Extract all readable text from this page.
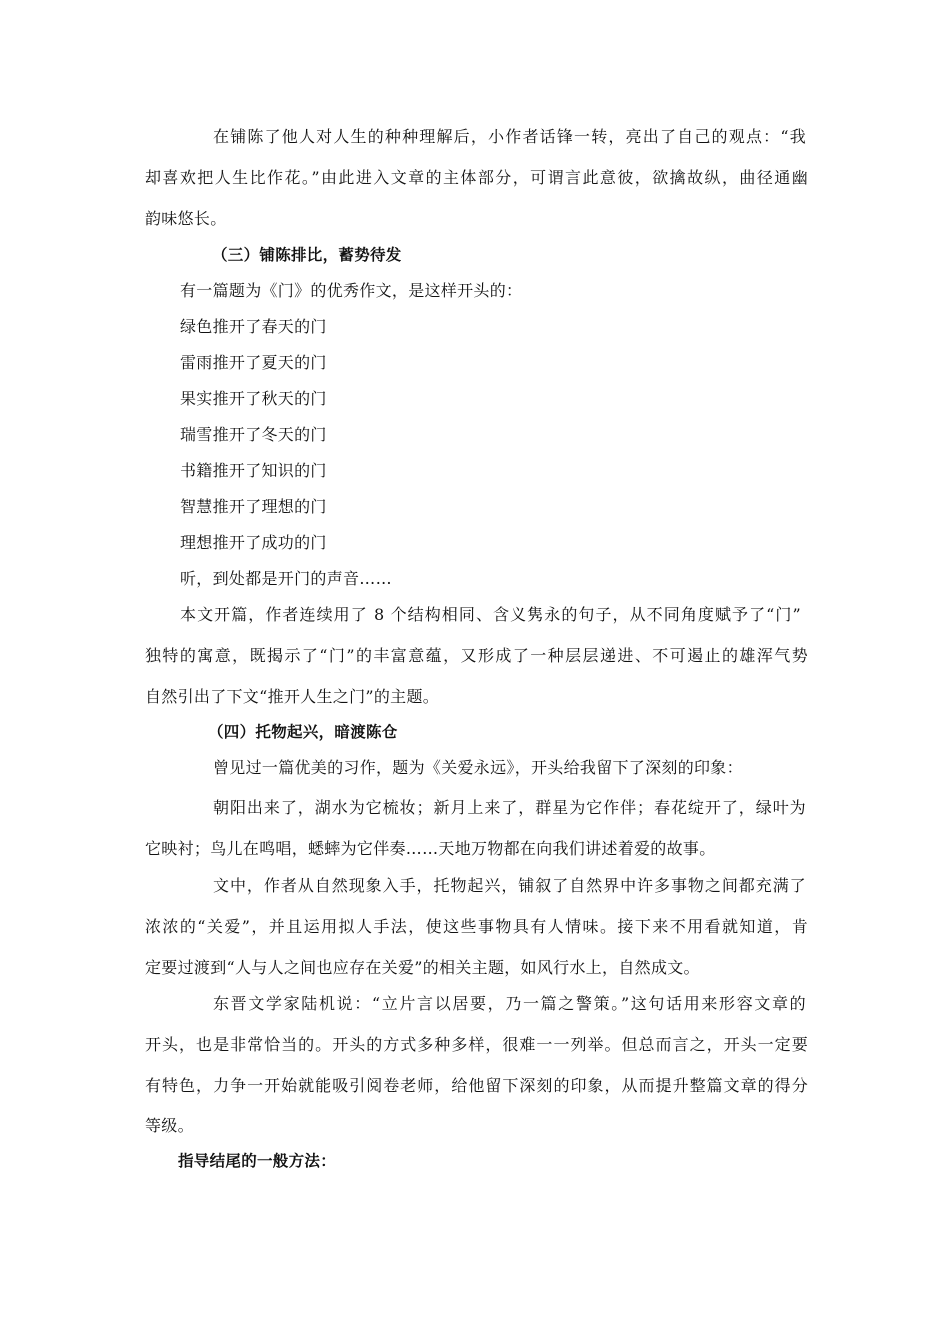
在铺陈了他人对人生的种种理解后，小作者话锋一转，亮出了自己的观点：“我
却喜欢把人生比作花。”由此进入文章的主体部分，可谓言此意彼，欲擒故纵，曲径通幽
韵味悠长。
（三）铺陈排比，蓄势待发
有一篇题为《门》的优秀作文，是这样开头的：
绿色推开了春天的门
雷雨推开了夏天的门
果实推开了秋天的门
瑞雪推开了冬天的门
书籍推开了知识的门
智慧推开了理想的门
理想推开了成功的门
听，到处都是开门的声音……
本文开篇，作者连续用了 8 个结构相同、含义隽永的句子，从不同角度赋予了“门”
独特的寓意，既揭示了“门”的丰富意蕴，又形成了一种层层递进、不可遏止的雄浑气势
自然引出了下文“推开人生之门”的主题。
（四）托物起兴，暗渡陈仓
曾见过一篇优美的习作，题为《关爱永远》，开头给我留下了深刻的印象：
朝阳出来了，湖水为它梳妆；新月上来了，群星为它作伴；春花绽开了，绿叶为
它映衬；鸟儿在鸣唱，蟋蟀为它伴奏……天地万物都在向我们讲述着爱的故事。
文中，作者从自然现象入手，托物起兴，铺叙了自然界中许多事物之间都充满了
浓浓的“关爱”，并且运用拟人手法，使这些事物具有人情味。接下来不用看就知道，肯
定要过渡到“人与人之间也应存在关爱”的相关主题，如风行水上，自然成文。
东晋文学家陆机说：“立片言以居要，乃一篇之警策。”这句话用来形容文章的
开头，也是非常恰当的。开头的方式多种多样，很难一一列举。但总而言之，开头一定要
有特色，力争一开始就能吸引阅卷老师，给他留下深刻的印象，从而提升整篇文章的得分
等级。
指导结尾的一般方法：
